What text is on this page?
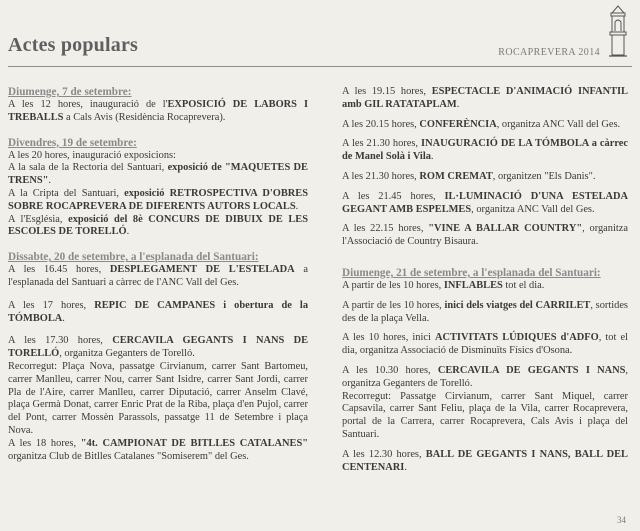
Actes populars	ROCAPREVERA 2014
Diumenge, 7 de setembre:

A les 12 hores, inauguració de l'EXPOSICIÓ DE LABORS I TREBALLS a Cals Avis (Residència Rocaprevera).

Divendres, 19 de setembre:

A les 20 hores, inauguració exposicions:

A la sala de la Rectoria del Santuari, exposició de "MAQUETES DE TRENS".

A la Cripta del Santuari, exposició RETROSPECTIVA D'OBRES SOBRE ROCAPREVERA DE DIFERENTS AUTORS LOCALS.

A l'Església, exposició del 8è CONCURS DE DIBUIX DE LES ESCOLES DE TORELLÓ.

Dissabte, 20 de setembre, a l'esplanada del Santuari:

A les 16.45 hores, DESPLEGAMENT DE L'ESTELADA a l'esplanada del Santuari a càrrec de l'ANC Vall del Ges.

A les 17 hores, REPIC DE CAMPANES i obertura de la TÓMBOLA.

A les 17.30 hores, CERCAVILA GEGANTS I NANS DE TORELLÓ, organitza Geganters de Torelló.

Recorregut: Plaça Nova, passatge Cirvianum, carrer Sant Bartomeu, carrer Manlleu, carrer Nou, carrer Sant Isidre, carrer Sant Jordi, carrer Pla de l'Aire, carrer Manlleu, carrer Diputació, carrer Anselm Clavé, plaça Germà Donat, carrer Enric Prat de la Riba, plaça d'en Pujol, carrer del Pont, carrer Mossèn Parassols, passatge 11 de Setembre i plaça Nova.

A les 18 hores, "4t. CAMPIONAT DE BITLLES CATALANES" organitza Club de Bitlles Catalanes "Somiserem" del Ges.

A les 19.15 hores, ESPECTACLE D'ANIMACIÓ INFANTIL amb GIL RATATAPLAM.

A les 20.15 hores, CONFERÈNCIA, organitza ANC Vall del Ges.

A les 21.30 hores, INAUGURACIÓ DE LA TÓMBOLA a càrrec de Manel Solà i Vila.

A les 21.30 hores, ROM CREMAT, organitzen "Els Danis".

A les 21.45 hores, IL·LUMINACIÓ D'UNA ESTELADA GEGANT AMB ESPELMES, organitza ANC Vall del Ges.

A les 22.15 hores, "VINE A BALLAR COUNTRY", organitza l'Associació de Country Bisaura.

Diumenge, 21 de setembre, a l'esplanada del Santuari:

A partir de les 10 hores, INFLABLES tot el dia.

A partir de les 10 hores, inici dels viatges del CARRILET, sortides des de la plaça Vella.

A les 10 hores, inici ACTIVITATS LÚDIQUES d'ADFO, tot el dia, organitza Associació de Disminuïts Físics d'Osona.

A les 10.30 hores, CERCAVILA DE GEGANTS I NANS, organitza Geganters de Torelló.

Recorregut: Passatge Cirvianum, carrer Sant Miquel, carrer Capsavila, carrer Sant Feliu, plaça de la Vila, carrer Rocaprevera, portal de la Carrera, carrer Rocaprevera, Cals Avis i plaça del Santuari.

A les 12.30 hores, BALL DE GEGANTS I NANS, BALL DEL CENTENARI.

34
